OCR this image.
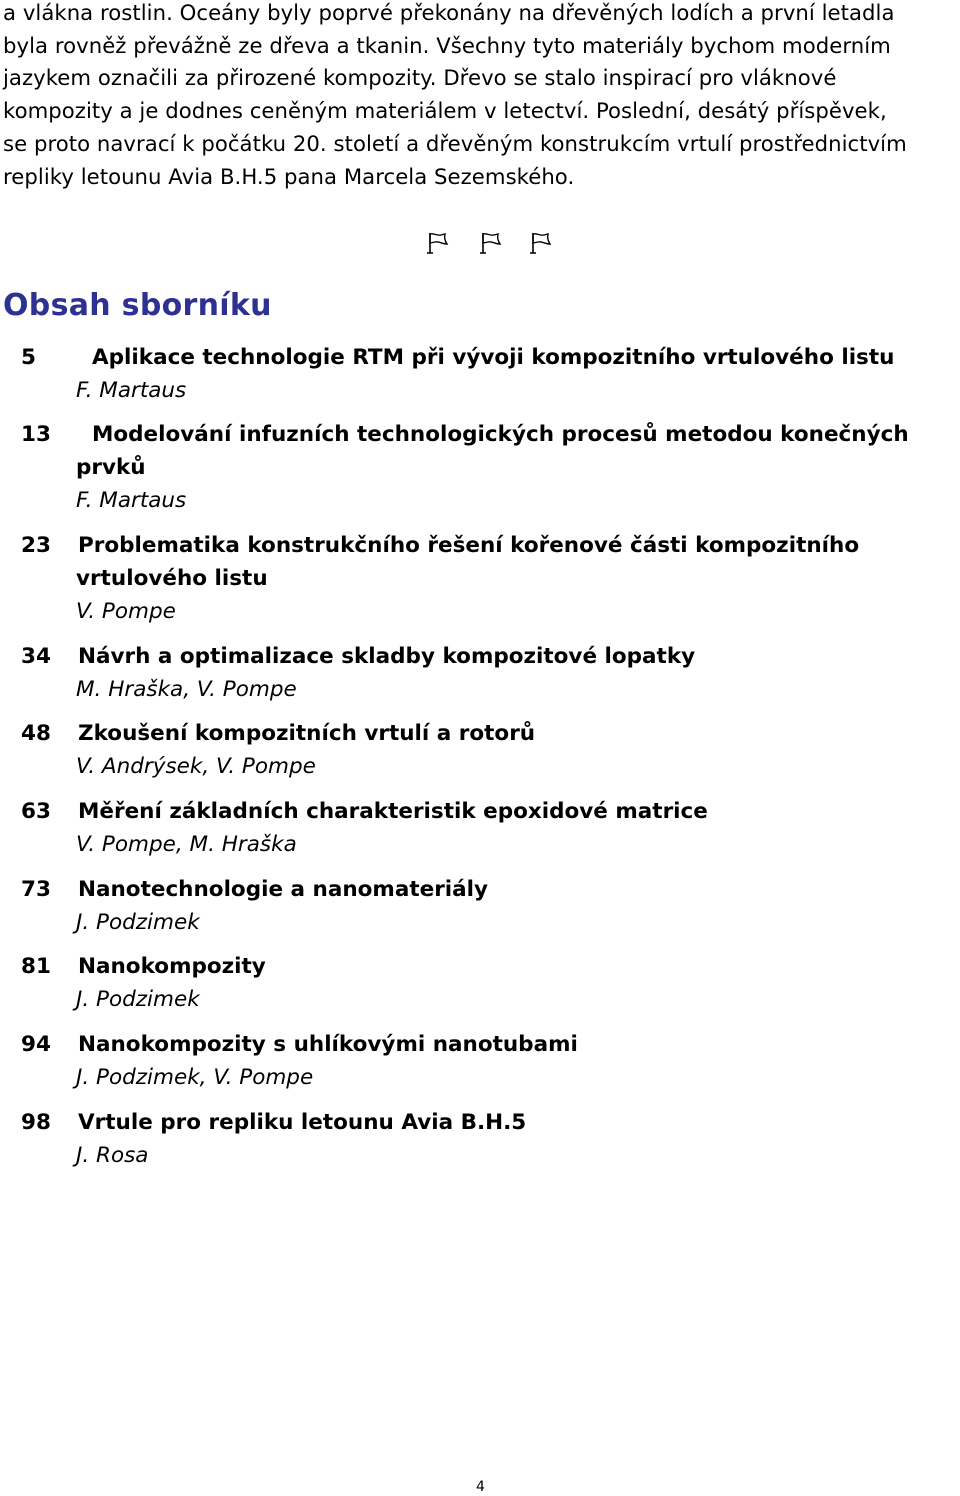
a vlákna rostlin. Oceány byly poprvé překonány na dřevěných lodích a první letadla
byla rovněž převážně ze dřeva a tkanin. Všechny tyto materiály bychom moderním
jazykem označili za přirozené kompozity. Dřevo se stalo inspirací pro vláknové
kompozity a je dodnes ceněným materiálem v letectví. Poslední, desátý příspěvek,
se proto navrací k počátku 20. století a dřevěným konstrukcím vrtulí prostřednictvím
repliky letounu Avia B.H.5 pana Marcela Sezemského.
Obsah sborníku
5	Aplikace technologie RTM při vývoji kompozitního vrtulového listu
F. Martaus
13 Modelování infuzních technologických procesů metodou konečných
prvků
F. Martaus
23 Problematika konstrukčního řešení kořenové části kompozitního
vrtulového listu
V. Pompe
34 Návrh a optimalizace skladby kompozitové lopatky
M. Hraška, V. Pompe
48 Zkoušení kompozitních vrtulí a rotorů
V. Andrýsek, V. Pompe
63 Měření základních charakteristik epoxidové matrice
V. Pompe, M. Hraška
73 Nanotechnologie a nanomateriály
J. Podzimek
81 Nanokompozity
J. Podzimek
94 Nanokompozity s uhlíkovými nanotubami
J. Podzimek, V. Pompe
98 Vrtule pro repliku letounu Avia B.H.5
J. Rosa
4
